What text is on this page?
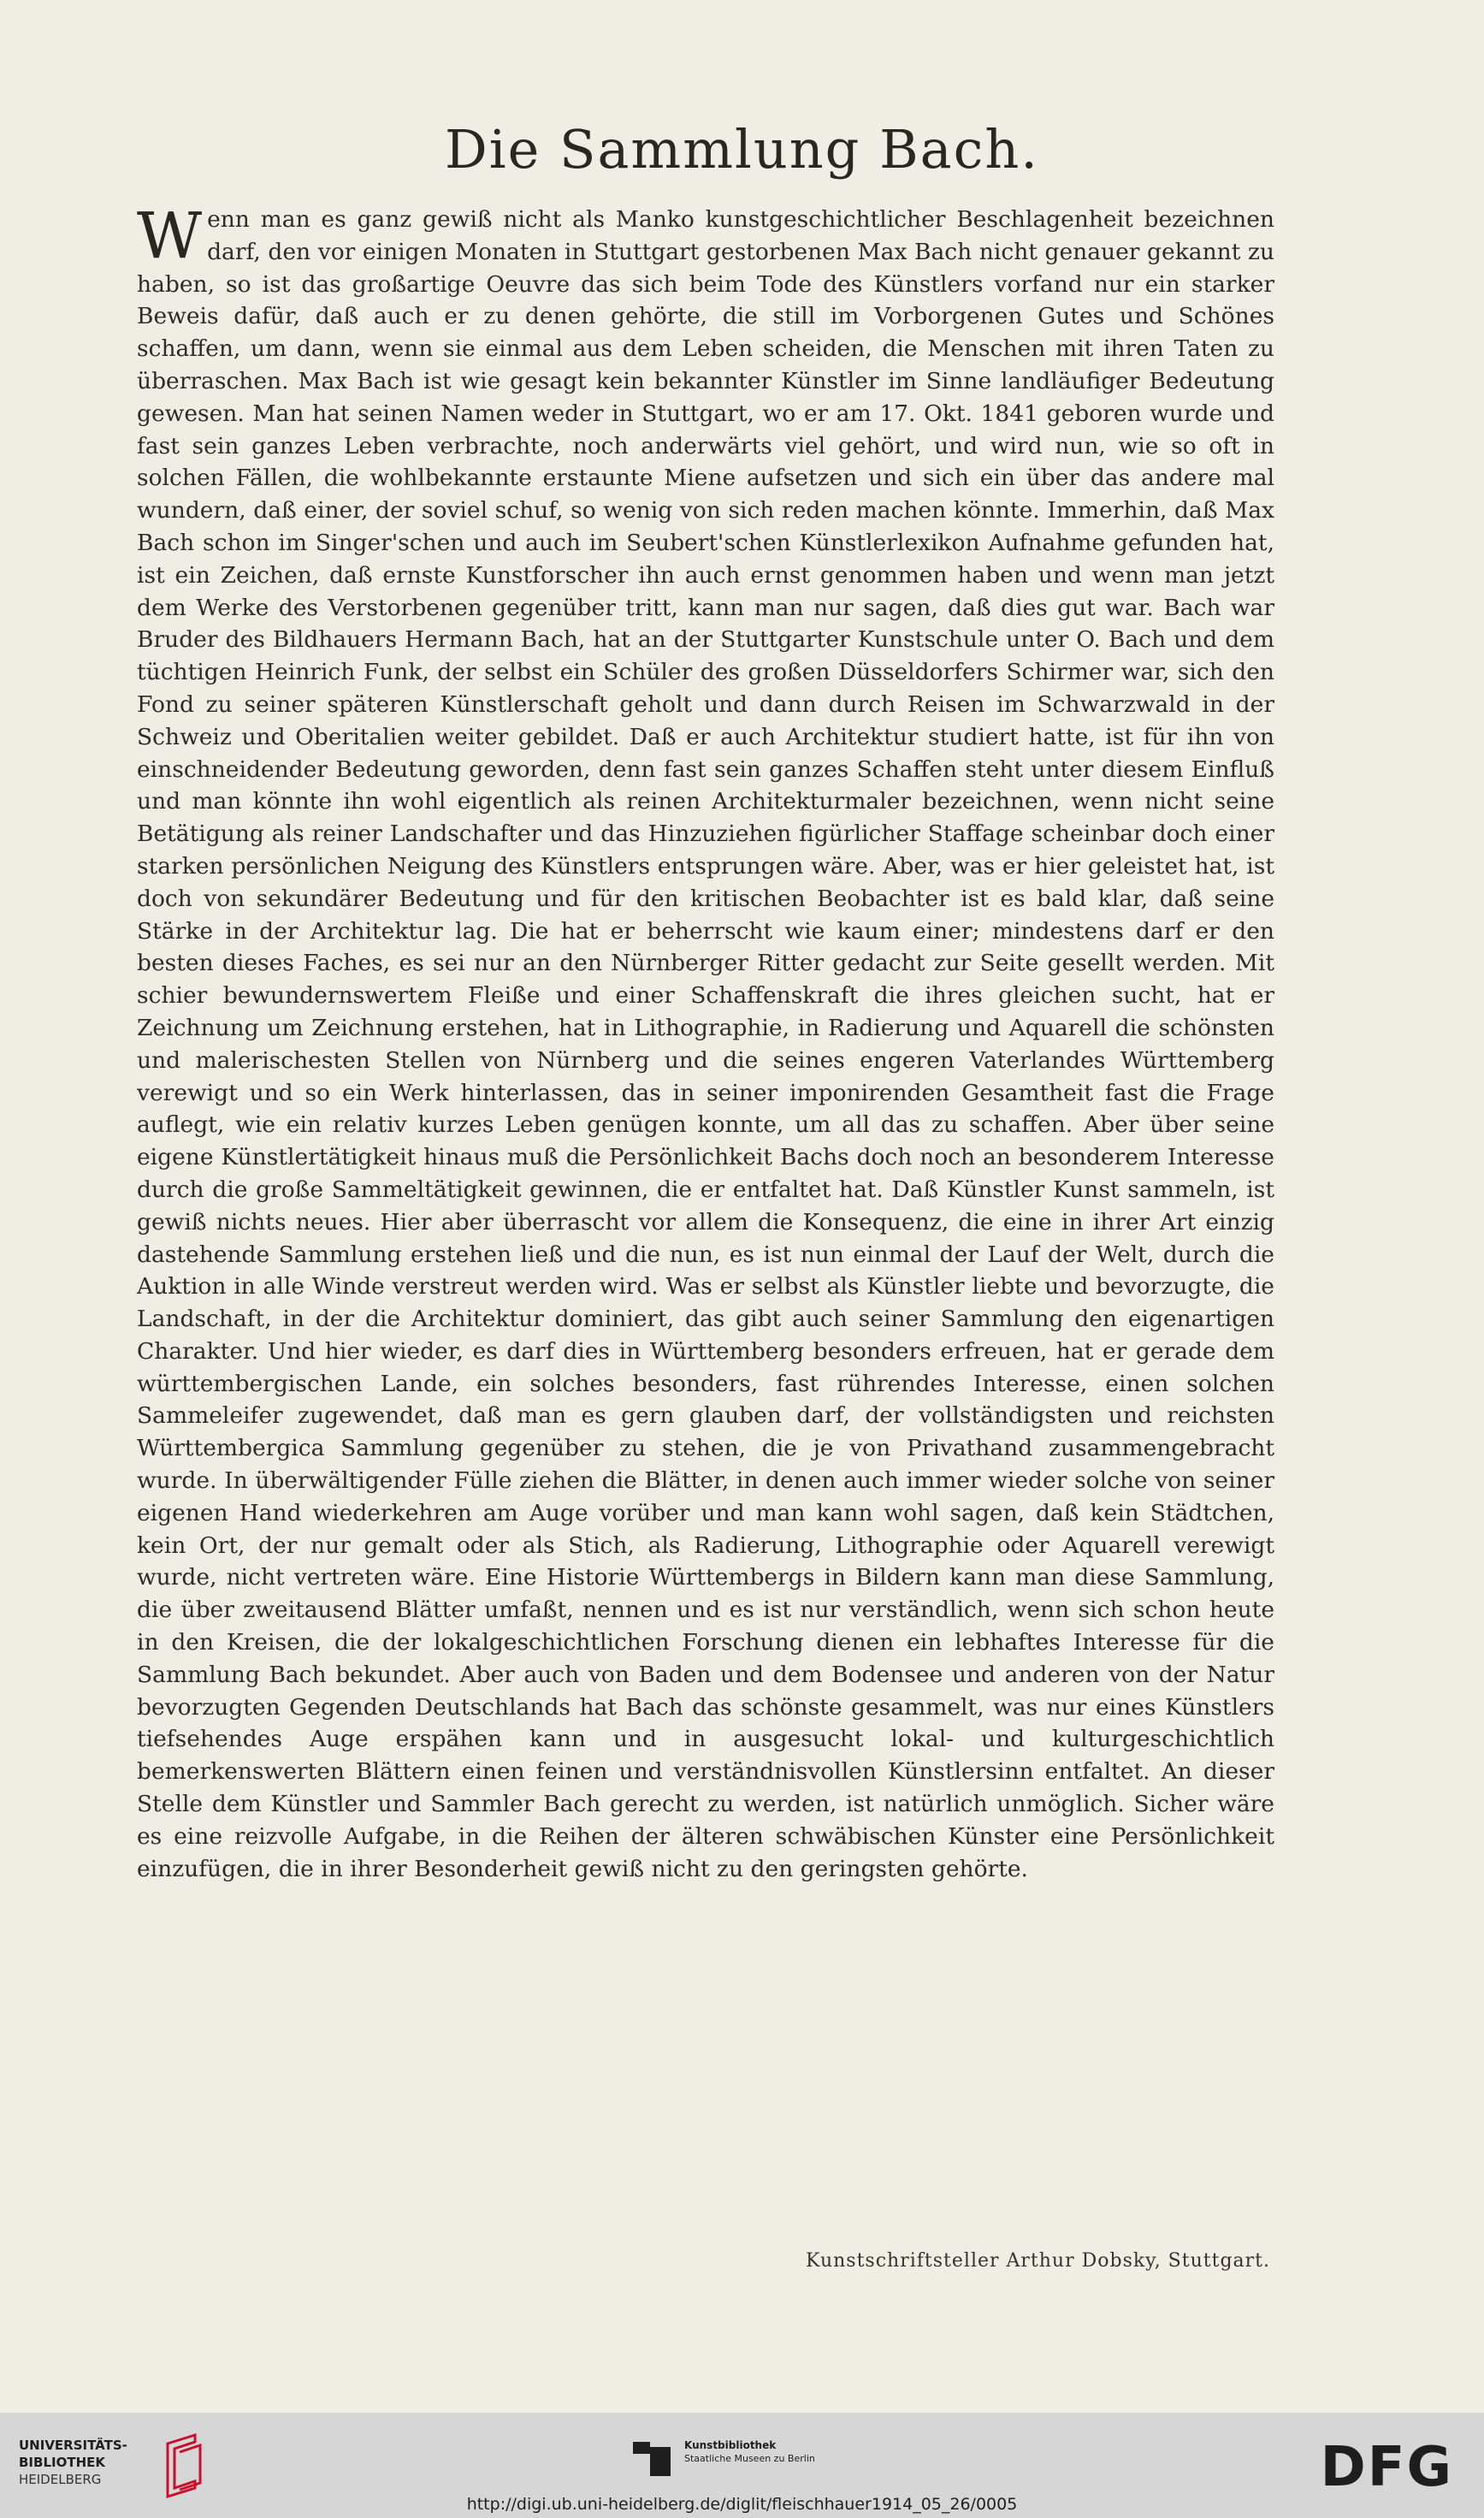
Die Sammlung Bach.

Wenn man es ganz gewiß nicht als Manko kunstgeschichtlicher Beschlagenheit bezeichnen darf, den vor einigen Monaten in Stuttgart gestorbenen Max Bach nicht genauer gekannt zu haben, so ist das großartige Oeuvre das sich beim Tode des Künstlers vorfand nur ein starker Beweis dafür, daß auch er zu denen gehörte, die still im Vorborgenen Gutes und Schönes schaffen, um dann, wenn sie einmal aus dem Leben scheiden, die Menschen mit ihren Taten zu überraschen. Max Bach ist wie gesagt kein bekannter Künstler im Sinne landläufiger Bedeutung gewesen. Man hat seinen Namen weder in Stuttgart, wo er am 17. Okt. 1841 geboren wurde und fast sein ganzes Leben verbrachte, noch anderwärts viel gehört, und wird nun, wie so oft in solchen Fällen, die wohlbekannte erstaunte Miene aufsetzen und sich ein über das andere mal wundern, daß einer, der soviel schuf, so wenig von sich reden machen könnte. Immerhin, daß Max Bach schon im Singer'schen und auch im Seubert'schen Künstlerlexikon Aufnahme gefunden hat, ist ein Zeichen, daß ernste Kunstforscher ihn auch ernst genommen haben und wenn man jetzt dem Werke des Verstorbenen gegenüber tritt, kann man nur sagen, daß dies gut war. Bach war Bruder des Bildhauers Hermann Bach, hat an der Stuttgarter Kunstschule unter O. Bach und dem tüchtigen Heinrich Funk, der selbst ein Schüler des großen Düsseldorfers Schirmer war, sich den Fond zu seiner späteren Künstlerschaft geholt und dann durch Reisen im Schwarzwald in der Schweiz und Oberitalien weiter gebildet. Daß er auch Architektur studiert hatte, ist für ihn von einschneidender Bedeutung geworden, denn fast sein ganzes Schaffen steht unter diesem Einfluß und man könnte ihn wohl eigentlich als reinen Architekturmaler bezeichnen, wenn nicht seine Betätigung als reiner Landschafter und das Hinzuziehen figürlicher Staffage scheinbar doch einer starken persönlichen Neigung des Künstlers entsprungen wäre. Aber, was er hier geleistet hat, ist doch von sekundärer Bedeutung und für den kritischen Beobachter ist es bald klar, daß seine Stärke in der Architektur lag. Die hat er beherrscht wie kaum einer; mindestens darf er den besten dieses Faches, es sei nur an den Nürnberger Ritter gedacht zur Seite gesellt werden. Mit schier bewundernswertem Fleiße und einer Schaffenskraft die ihres gleichen sucht, hat er Zeichnung um Zeichnung erstehen, hat in Lithographie, in Radierung und Aquarell die schönsten und malerischesten Stellen von Nürnberg und die seines engeren Vaterlandes Württemberg verewigt und so ein Werk hinterlassen, das in seiner imponirenden Gesamtheit fast die Frage auflegt, wie ein relativ kurzes Leben genügen konnte, um all das zu schaffen. Aber über seine eigene Künstlertätigkeit hinaus muß die Persönlichkeit Bachs doch noch an besonderem Interesse durch die große Sammeltätigkeit gewinnen, die er entfaltet hat. Daß Künstler Kunst sammeln, ist gewiß nichts neues. Hier aber überrascht vor allem die Konsequenz, die eine in ihrer Art einzig dastehende Sammlung erstehen ließ und die nun, es ist nun einmal der Lauf der Welt, durch die Auktion in alle Winde verstreut werden wird. Was er selbst als Künstler liebte und bevorzugte, die Landschaft, in der die Architektur dominiert, das gibt auch seiner Sammlung den eigenartigen Charakter. Und hier wieder, es darf dies in Württemberg besonders erfreuen, hat er gerade dem württembergischen Lande, ein solches besonders, fast rührendes Interesse, einen solchen Sammeleifer zugewendet, daß man es gern glauben darf, der vollständigsten und reichsten Württembergica Sammlung gegenüber zu stehen, die je von Privathand zusammengebracht wurde. In überwältigender Fülle ziehen die Blätter, in denen auch immer wieder solche von seiner eigenen Hand wiederkehren am Auge vorüber und man kann wohl sagen, daß kein Städtchen, kein Ort, der nur gemalt oder als Stich, als Radierung, Lithographie oder Aquarell verewigt wurde, nicht vertreten wäre. Eine Historie Württembergs in Bildern kann man diese Sammlung, die über zweitausend Blätter umfaßt, nennen und es ist nur verständlich, wenn sich schon heute in den Kreisen, die der lokalgeschichtlichen Forschung dienen ein lebhaftes Interesse für die Sammlung Bach bekundet. Aber auch von Baden und dem Bodensee und anderen von der Natur bevorzugten Gegenden Deutschlands hat Bach das schönste gesammelt, was nur eines Künstlers tiefsehendes Auge erspähen kann und in ausgesucht lokal- und kulturgeschichtlich bemerkenswerten Blättern einen feinen und verständnisvollen Künstlersinn entfaltet. An dieser Stelle dem Künstler und Sammler Bach gerecht zu werden, ist natürlich unmöglich. Sicher wäre es eine reizvolle Aufgabe, in die Reihen der älteren schwäbischen Künster eine Persönlichkeit einzufügen, die in ihrer Besonderheit gewiß nicht zu den geringsten gehörte.

Kunstschriftsteller Arthur Dobsky, Stuttgart.
UNIVERSITÄTS-
BIBLIOTHEK
HEIDELBERG
Kunstbibliothek
Staatliche Museen zu Berlin	DFG
http://digi.ub.uni-heidelberg.de/diglit/fleischhauer1914_05_26/0005
